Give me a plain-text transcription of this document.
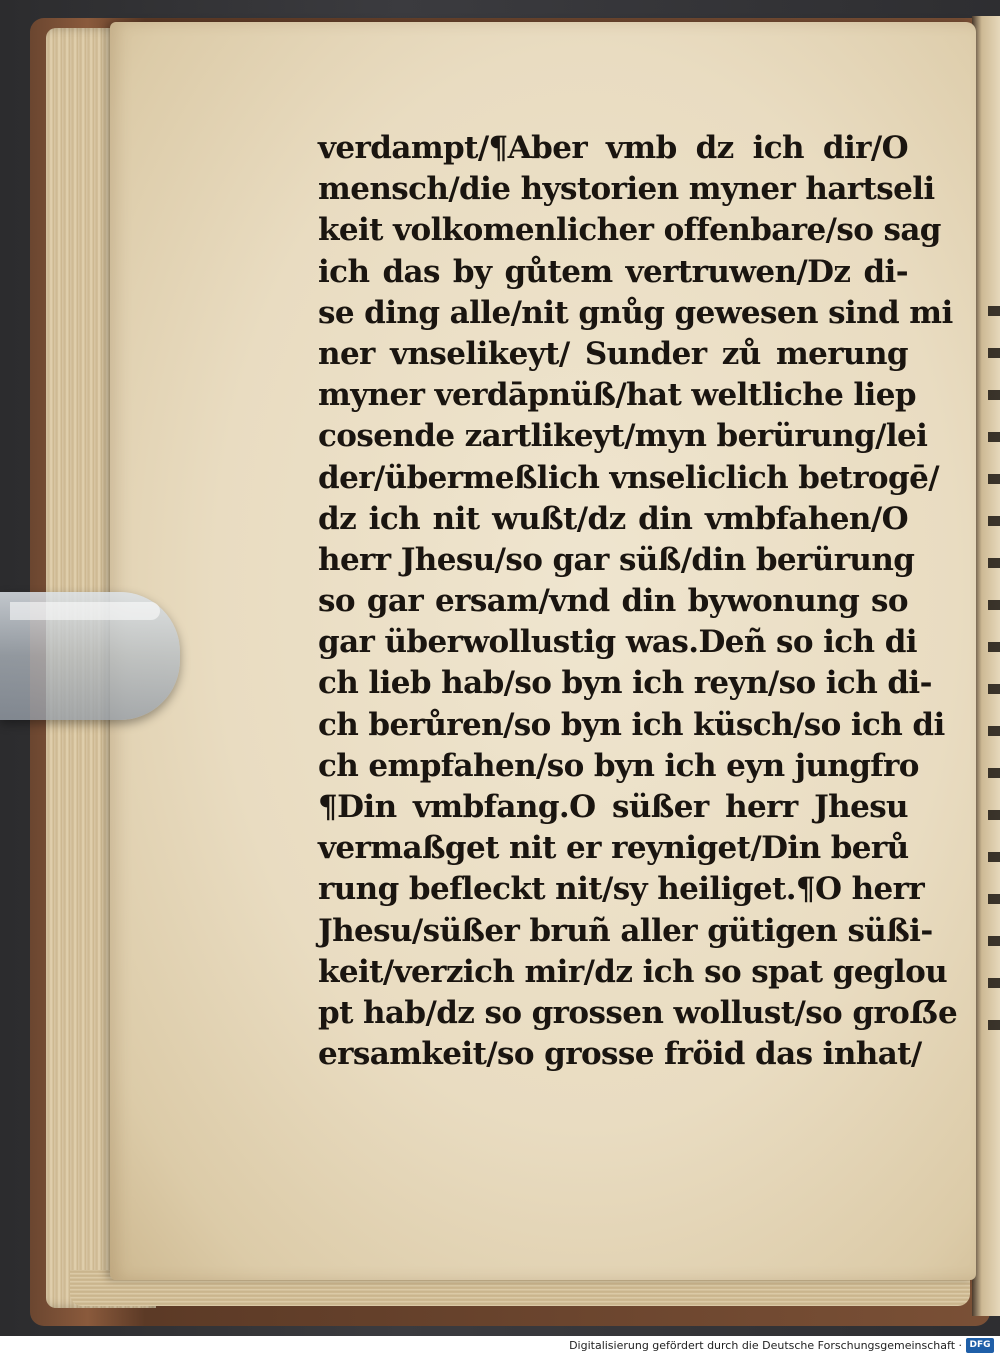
verdampt/¶Aber vmb dz ich dir/O
mensch/die hystorien myner hartseli
keit volkomenlicher offenbare/so sag
ich das by gůtem vertruwen/Dz di-
se ding alle/nit gnůg gewesen sind mi
ner vnselikeyt/ Sunder zů merung
myner verdāpnüß/hat weltliche liep
cosende zartlikeyt/myn berürung/lei
der/übermeßlich vnseliclich betrogē/
dz ich nit wußt/dz din vmbfahen/O
herr Jhesu/so gar süß/din berürung
so gar ersam/vnd din bywonung so
gar überwollustig was.Deñ so ich di
ch lieb hab/so byn ich reyn/so ich di-
ch berůren/so byn ich küsch/so ich di
ch empfahen/so byn ich eyn jungfro
¶Din vmbfang.O süßer herr Jhesu
vermaßget nit er reyniget/Din berů
rung befleckt nit/sy heiliget.¶O herr
Jhesu/süßer bruñ aller gütigen süßi-
keit/verzich mir/dz ich so spat geglou
pt hab/dz so grossen wollust/so groẞe
ersamkeit/so grosse fröid das inhat/
Digitalisierung gefördert durch die Deutsche Forschungsgemeinschaft · DFG
